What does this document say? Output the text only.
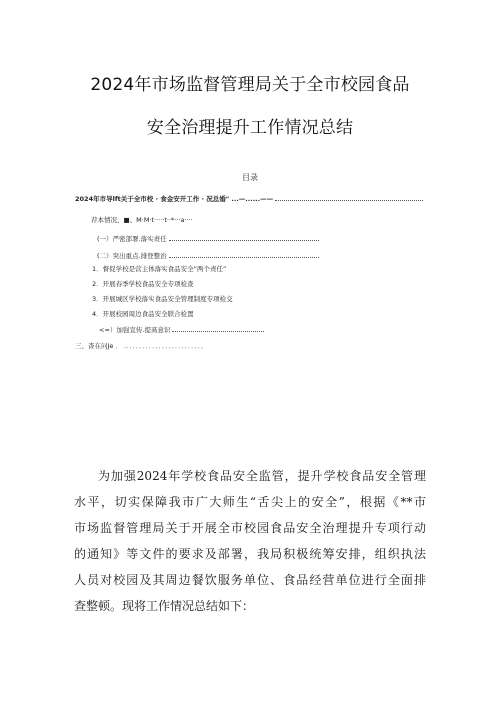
2024年市场监督管理局关于全市校园食品
安全治理提升工作情况总结
目录
2024年市导lft关于全市校 · 食金安开工作 · 况总婚" ...—......——
荐本情况、■、M·M·t·····t··*···a····
(一）严密部署.落实责任
(二）突出重点.排登整治
1．督促学校是营主体落实食品安全“两个责任”
2．开展春季学校食品安全专项检查
3．开展城区学校落实食品安全管理制度专项检交
4．开展校园周边食品安全联合检置
<=）加强宣传.提髙意识
三、杳在问Je ． .．．．．．．．．．．．．．．．．．．．．．．．．
为加强2024年学校食品安全监管，提升学校食品安全管理
水平，切实保障我市广大师生“舌尖上的安全”，根据《**市
市场监督管理局关于开展全市校园食品安全治理提升专项行动
的通知》等文件的要求及部署，我局积极统筹安排，组织执法
人员对校园及其周边餐饮服务单位、食品经营单位进行全面排
查整顿。现将工作情况总结如下：
